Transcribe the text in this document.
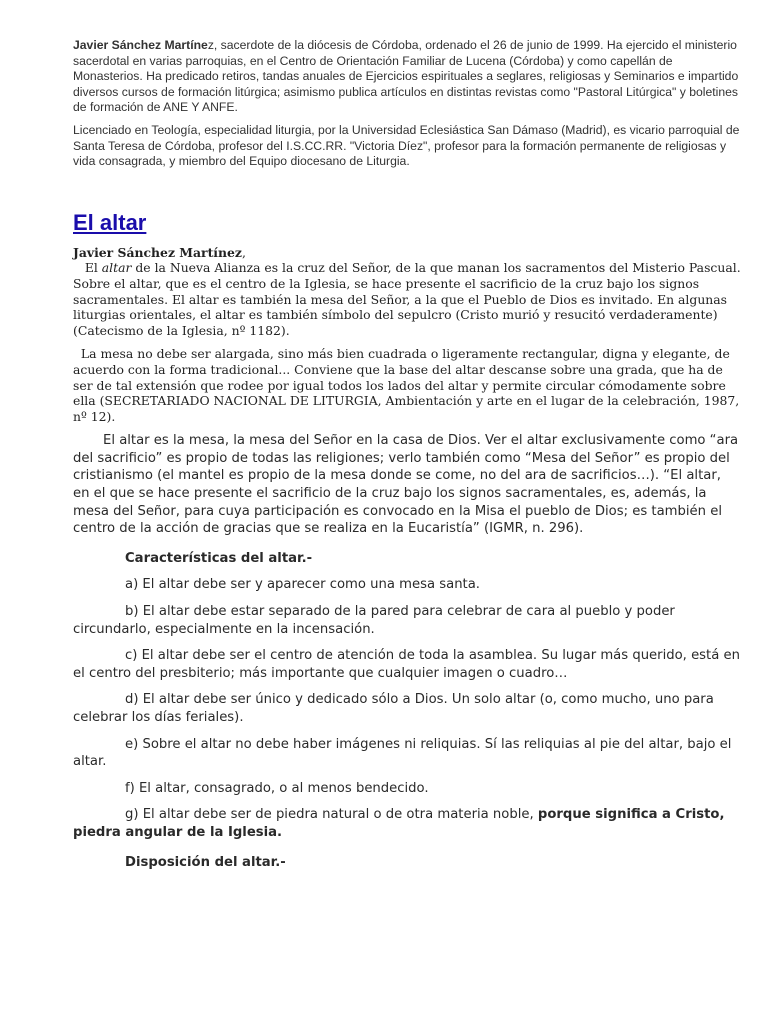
Javier Sánchez Martínez, sacerdote de la diócesis de Córdoba, ordenado el 26 de junio de 1999. Ha ejercido el ministerio sacerdotal en varias parroquias, en el Centro de Orientación Familiar de Lucena (Córdoba) y como capellán de Monasterios. Ha predicado retiros, tandas anuales de Ejercicios espirituales a seglares, religiosas y Seminarios e impartido diversos cursos de formación litúrgica; asimismo publica artículos en distintas revistas como "Pastoral Litúrgica" y boletines de formación de ANE Y ANFE.

Licenciado en Teología, especialidad liturgia, por la Universidad Eclesiástica San Dámaso (Madrid), es vicario parroquial de Santa Teresa de Córdoba, profesor del I.S.CC.RR. "Victoria Díez", profesor para la formación permanente de religiosas y vida consagrada, y miembro del Equipo diocesano de Liturgia.

El altar

Javier Sánchez Martínez,

El altar de la Nueva Alianza es la cruz del Señor, de la que manan los sacramentos del Misterio Pascual. Sobre el altar, que es el centro de la Iglesia, se hace presente el sacrificio de la cruz bajo los signos sacramentales. El altar es también la mesa del Señor, a la que el Pueblo de Dios es invitado. En algunas liturgias orientales, el altar es también símbolo del sepulcro (Cristo murió y resucitó verdaderamente) (Catecismo de la Iglesia, nº 1182).

La mesa no debe ser alargada, sino más bien cuadrada o ligeramente rectangular, digna y elegante, de acuerdo con la forma tradicional... Conviene que la base del altar descanse sobre una grada, que ha de ser de tal extensión que rodee por igual todos los lados del altar y permite circular cómodamente sobre ella (SECRETARIADO NACIONAL DE LITURGIA, Ambientación y arte en el lugar de la celebración, 1987, nº 12).

El altar es la mesa, la mesa del Señor en la casa de Dios. Ver el altar exclusivamente como “ara del sacrificio” es propio de todas las religiones; verlo también como “Mesa del Señor” es propio del cristianismo (el mantel es propio de la mesa donde se come, no del ara de sacrificios…). “El altar, en el que se hace presente el sacrificio de la cruz bajo los signos sacramentales, es, además, la mesa del Señor, para cuya participación es convocado en la Misa el pueblo de Dios; es también el centro de la acción de gracias que se realiza en la Eucaristía” (IGMR, n. 296).

Características del altar.-

a) El altar debe ser y aparecer como una mesa santa.

b) El altar debe estar separado de la pared para celebrar de cara al pueblo y poder circundarlo, especialmente en la incensación.

c) El altar debe ser el centro de atención de toda la asamblea. Su lugar más querido, está en el centro del presbiterio; más importante que cualquier imagen o cuadro…

d) El altar debe ser único y dedicado sólo a Dios. Un solo altar (o, como mucho, uno para celebrar los días feriales).

e) Sobre el altar no debe haber imágenes ni reliquias. Sí las reliquias al pie del altar, bajo el altar.

f) El altar, consagrado, o al menos bendecido.

g) El altar debe ser de piedra natural o de otra materia noble, porque significa a Cristo, piedra angular de la Iglesia.

Disposición del altar.-
